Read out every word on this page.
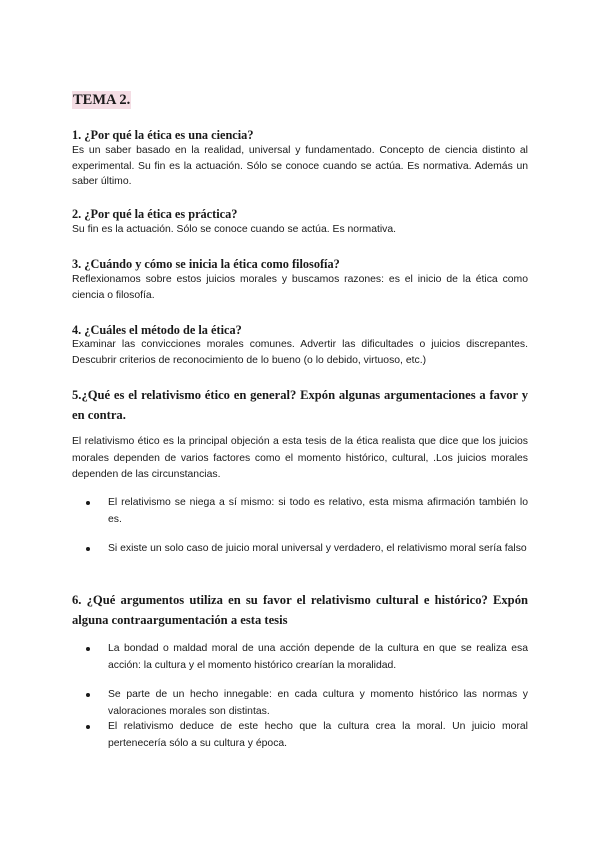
TEMA 2.
1. ¿Por qué la ética es una ciencia?
Es un saber basado en la realidad, universal y fundamentado. Concepto de ciencia distinto al experimental. Su fin es la actuación. Sólo se conoce cuando se actúa. Es normativa. Además un saber último.
2. ¿Por qué la ética es práctica?
Su fin es la actuación. Sólo se conoce cuando se actúa. Es normativa.
3. ¿Cuándo y cómo se inicia la ética como filosofía?
Reflexionamos sobre estos juicios morales y buscamos razones: es el inicio de la ética como ciencia o filosofía.
4. ¿Cuáles el método de la ética?
Examinar las convicciones morales comunes. Advertir las dificultades o juicios discrepantes. Descubrir criterios de reconocimiento de lo bueno (o lo debido, virtuoso, etc.)
5.¿Qué es el relativismo ético en general? Expón algunas argumentaciones a favor y en contra.
El relativismo ético es la principal objeción a esta tesis de la ética realista que dice que los juicios morales dependen de varios factores como el momento histórico, cultural, .Los juicios morales dependen de las circunstancias.
El relativismo se niega a sí mismo: si todo es relativo, esta misma afirmación también lo es.
Si existe un solo caso de juicio moral universal y verdadero, el relativismo moral sería falso
6. ¿Qué argumentos utiliza en su favor el relativismo cultural e histórico? Expón alguna contraargumentación a esta tesis
La bondad o maldad moral de una acción depende de la cultura en que se realiza esa acción: la cultura y el momento histórico crearían la moralidad.
Se parte de un hecho innegable: en cada cultura y momento histórico las normas y valoraciones morales son distintas.
El relativismo deduce de este hecho que la cultura crea la moral. Un juicio moral pertenecería sólo a su cultura y época.
